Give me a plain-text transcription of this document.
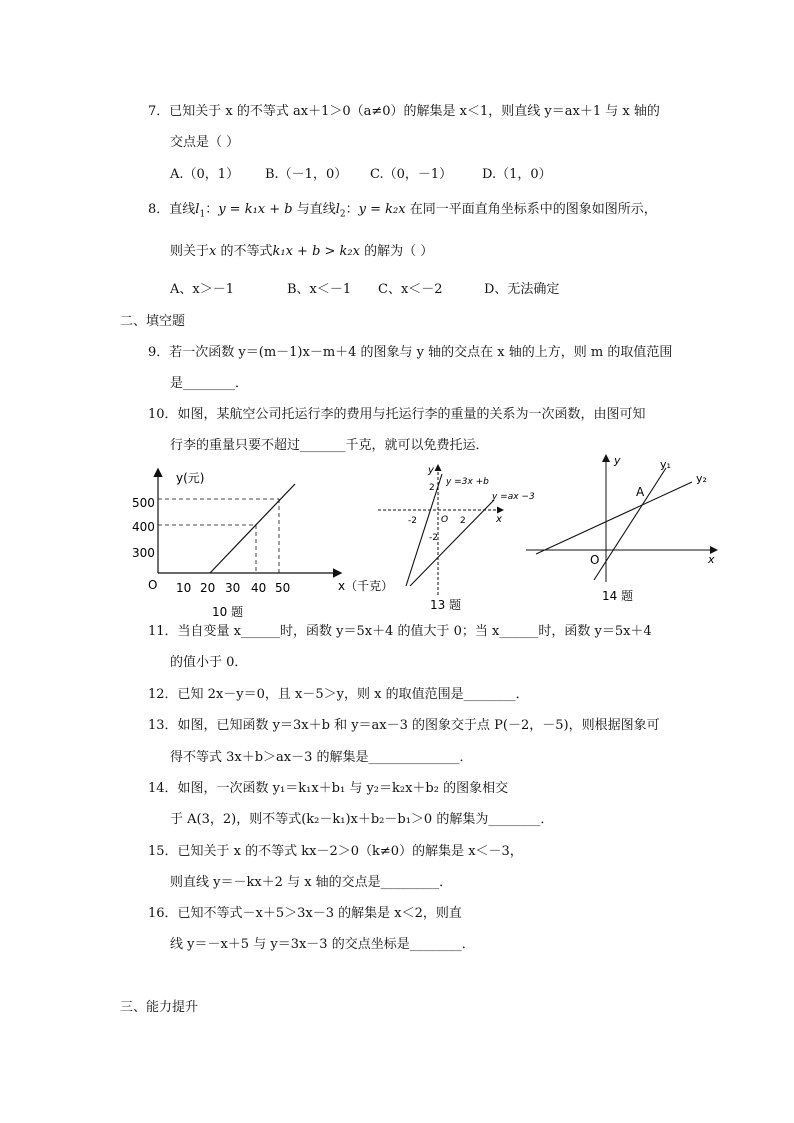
7．已知关于 x 的不等式 ax＋1＞0（a≠0）的解集是 x＜1，则直线 y＝ax＋1 与 x 轴的
交点是（ ）
A.（0，1） B.（－1，0） C.（0，－1） D.（1，0）
8．直线$l_1$：y = k₁x + b 与直线$l_2$：y = k₂x 在同一平面直角坐标系中的图象如图所示，
则关于x 的不等式k₁x + b > k₂x 的解为（ ）
A、x＞－1	B、x＜－1 C、x＜－2	D、无法确定
二、填空题
9．若一次函数 y＝(m－1)x－m＋4 的图象与 y 轴的交点在 x 轴的上方，则 m 的取值范围
是________．
10．如图，某航空公司托运行李的费用与托运行李的重量的关系为一次函数，由图可知
行李的重量只要不超过_______千克，就可以免费托运．
y(元)
500
400
300
O 10 20 30 40 50	x（千克）
10 题
y
x
y =3x +b
y =ax −3
2
-2	2
-2
O
13 题
y
x
O
A
y₁
y₂
14 题
11．当自变量 x______时，函数 y＝5x＋4 的值大于 0；当 x______时，函数 y＝5x＋4
的值小于 0．
12．已知 2x－y＝0，且 x－5＞y，则 x 的取值范围是________．
13．如图，已知函数 y＝3x＋b 和 y＝ax－3 的图象交于点 P(－2，－5)，则根据图象可
得不等式 3x＋b＞ax－3 的解集是______________．
14．如图，一次函数 y₁＝k₁x＋b₁ 与 y₂＝k₂x＋b₂ 的图象相交
于 A(3，2)，则不等式(k₂－k₁)x＋b₂－b₁＞0 的解集为________．
15．已知关于 x 的不等式 kx－2＞0（k≠0）的解集是 x＜－3，
则直线 y＝－kx＋2 与 x 轴的交点是_________．
16．已知不等式－x＋5＞3x－3 的解集是 x＜2，则直
线 y＝－x＋5 与 y＝3x－3 的交点坐标是________．
三、能力提升
